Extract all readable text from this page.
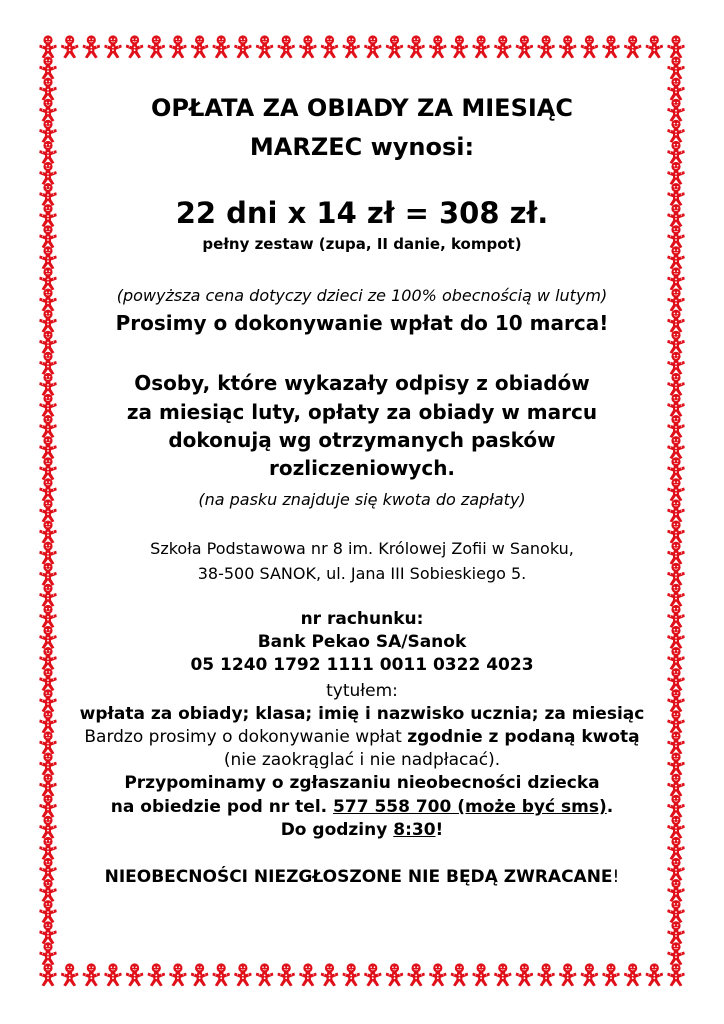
OPŁATA ZA OBIADY ZA MIESIĄC
MARZEC wynosi:
22 dni x 14 zł = 308 zł.
pełny zestaw (zupa, II danie, kompot)
(powyższa cena dotyczy dzieci ze 100% obecnością w lutym)
Prosimy o dokonywanie wpłat do 10 marca!
Osoby, które wykazały odpisy z obiadów
za miesiąc luty, opłaty za obiady w marcu
dokonują wg otrzymanych pasków
rozliczeniowych.
(na pasku znajduje się kwota do zapłaty)
Szkoła Podstawowa nr 8 im. Królowej Zofii w Sanoku,
38-500 SANOK, ul. Jana III Sobieskiego 5.
nr rachunku:
Bank Pekao SA/Sanok
05 1240 1792 1111 0011 0322 4023
tytułem:
wpłata za obiady; klasa; imię i nazwisko ucznia; za miesiąc
Bardzo prosimy o dokonywanie wpłat zgodnie z podaną kwotą
(nie zaokrąglać i nie nadpłacać).
Przypominamy o zgłaszaniu nieobecności dziecka
na obiedzie pod nr tel. 577 558 700 (może być sms).
Do godziny 8:30!
NIEOBECNOŚCI NIEZGŁOSZONE NIE BĘDĄ ZWRACANE!
